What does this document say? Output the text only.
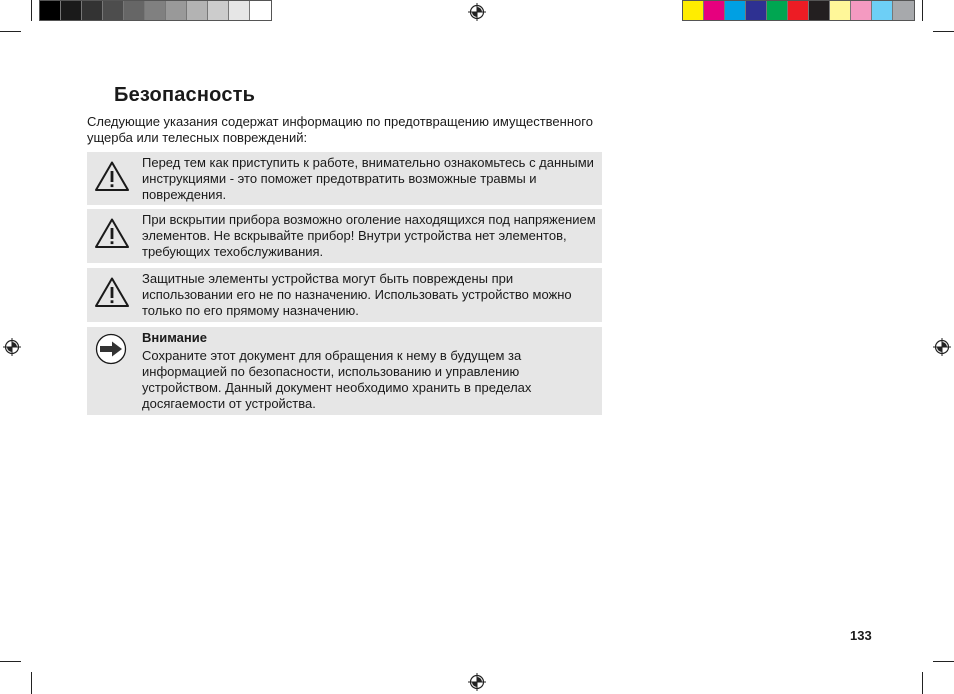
Безопасность
Следующие указания содержат информацию по предотвращению имущественного ущерба или телесных повреждений:
Перед тем как приступить к работе, внимательно ознакомьтесь с данными инструкциями - это поможет предотвратить возможные травмы и повреждения.
При вскрытии прибора возможно оголение находящихся под напряжением элементов. Не вскрывайте прибор! Внутри устройства нет элементов, требующих техобслуживания.
Защитные элементы устройства могут быть повреждены при использовании его не по назначению. Использовать устройство можно только по его прямому назначению.
Внимание
Сохраните этот документ для обращения к нему в будущем за информацией по безопасности, использованию и управлению устройством. Данный документ необходимо хранить в пределах досягаемости от устройства.
133
